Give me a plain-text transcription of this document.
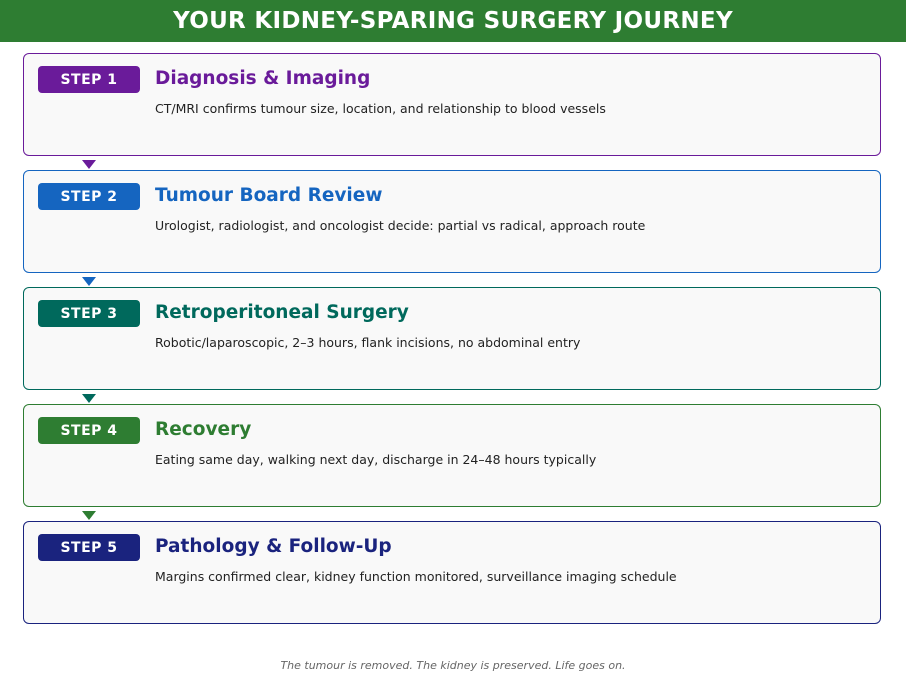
YOUR KIDNEY-SPARING SURGERY JOURNEY
STEP 1	Diagnosis & Imaging
CT/MRI confirms tumour size, location, and relationship to blood vessels
STEP 2	Tumour Board Review
Urologist, radiologist, and oncologist decide: partial vs radical, approach route
STEP 3	Retroperitoneal Surgery
Robotic/laparoscopic, 2–3 hours, flank incisions, no abdominal entry
STEP 4	Recovery
Eating same day, walking next day, discharge in 24–48 hours typically
STEP 5	Pathology & Follow-Up
Margins confirmed clear, kidney function monitored, surveillance imaging schedule
The tumour is removed. The kidney is preserved. Life goes on.
